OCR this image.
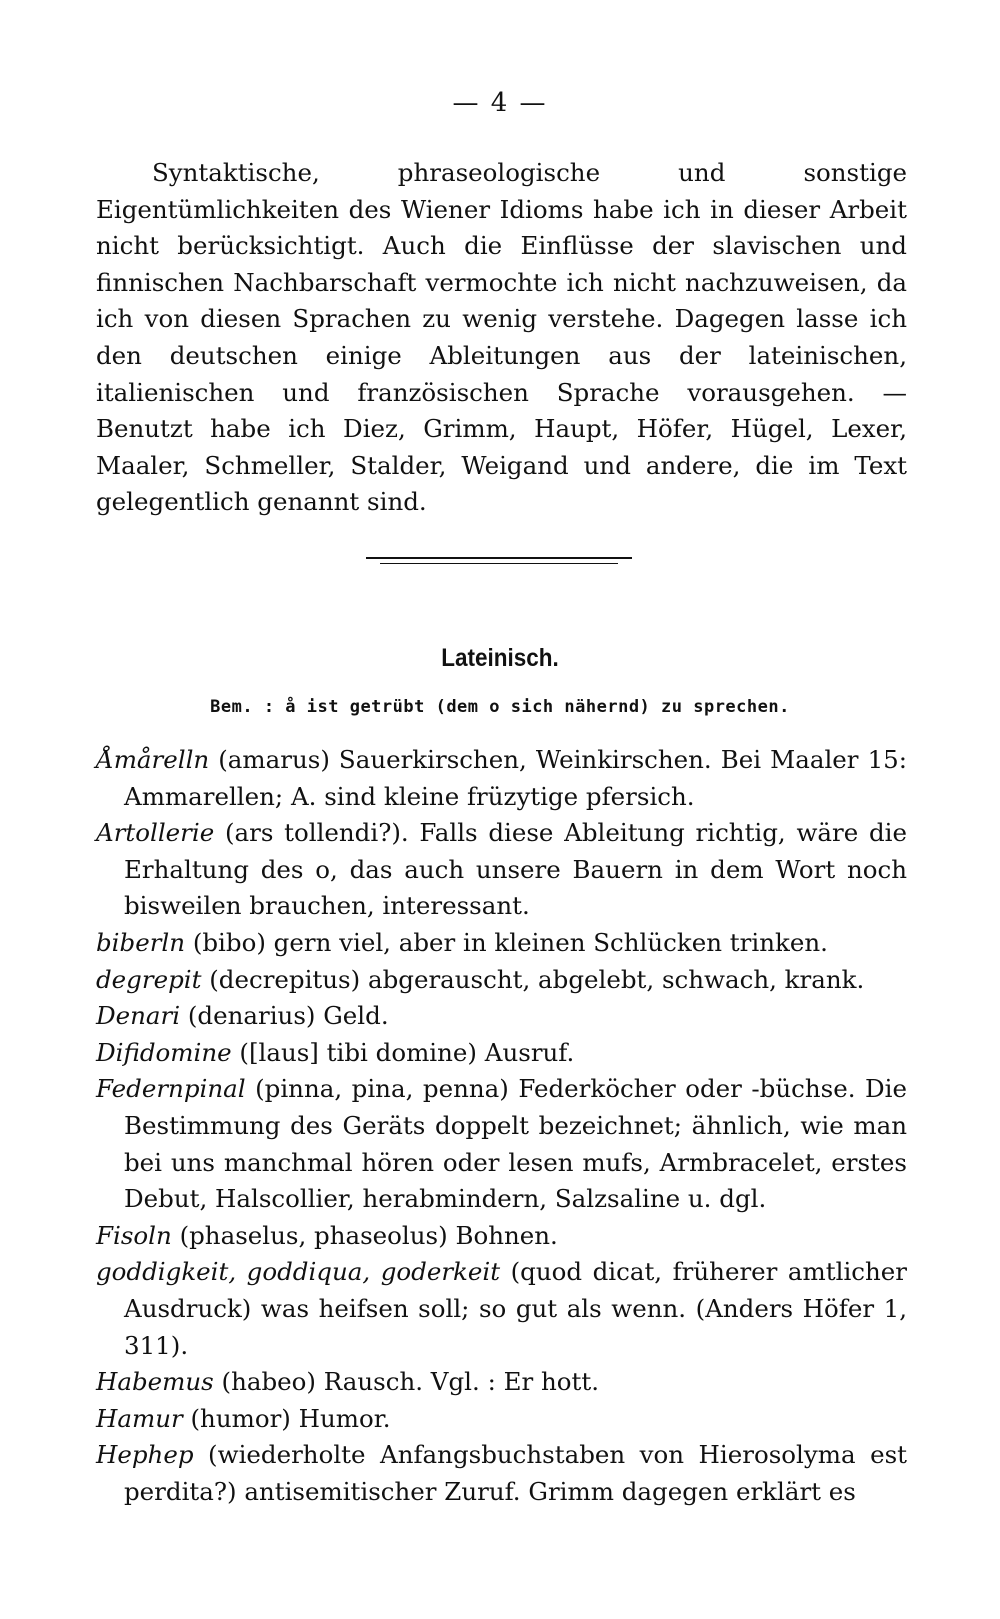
— 4 —

Syntaktische, phraseologische und sonstige Eigentümlichkeiten des Wiener Idioms habe ich in dieser Arbeit nicht berücksichtigt. Auch die Einflüsse der slavischen und finnischen Nachbarschaft vermochte ich nicht nachzuweisen, da ich von diesen Sprachen zu wenig verstehe. Dagegen lasse ich den deutschen einige Ableitungen aus der lateinischen, italienischen und französischen Sprache vorausgehen. — Benutzt habe ich Diez, Grimm, Haupt, Höfer, Hügel, Lexer, Maaler, Schmeller, Stalder, Weigand und andere, die im Text gelegentlich genannt sind.

Lateinisch.
Bem. : å ist getrübt (dem o sich nähernd) zu sprechen.

Åmårelln (amarus) Sauerkirschen, Weinkirschen. Bei Maaler 15: Ammarellen; A. sind kleine früzytige pfersich.

Artollerie (ars tollendi?). Falls diese Ableitung richtig, wäre die Erhaltung des o, das auch unsere Bauern in dem Wort noch bisweilen brauchen, interessant.

biberln (bibo) gern viel, aber in kleinen Schlücken trinken.

degrepit (decrepitus) abgerauscht, abgelebt, schwach, krank.

Denari (denarius) Geld.

Difidomine ([laus] tibi domine) Ausruf.

Federnpinal (pinna, pina, penna) Federköcher oder -büchse. Die Bestimmung des Geräts doppelt bezeichnet; ähnlich, wie man bei uns manchmal hören oder lesen mufs, Armbracelet, erstes Debut, Halscollier, herabmindern, Salzsaline u. dgl.

Fisoln (phaselus, phaseolus) Bohnen.

goddigkeit, goddiqua, goderkeit (quod dicat, früherer amtlicher Ausdruck) was heifsen soll; so gut als wenn. (Anders Höfer 1, 311).

Habemus (habeo) Rausch. Vgl. : Er hott.

Hamur (humor) Humor.

Hephep (wiederholte Anfangsbuchstaben von Hierosolyma est perdita?) antisemitischer Zuruf. Grimm dagegen erklärt es
